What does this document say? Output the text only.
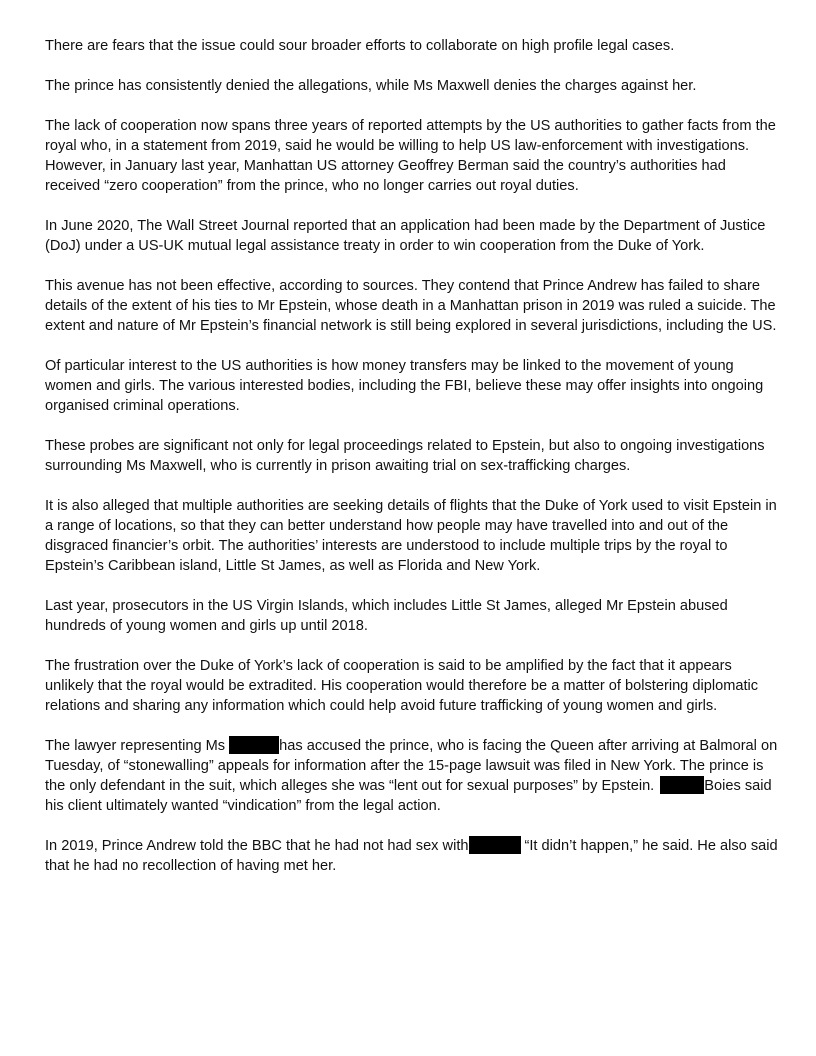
There are fears that the issue could sour broader efforts to collaborate on high profile legal cases.

The prince has consistently denied the allegations, while Ms Maxwell denies the charges against her.

The lack of cooperation now spans three years of reported attempts by the US authorities to gather facts from the royal who, in a statement from 2019, said he would be willing to help US law-enforcement with investigations. However, in January last year, Manhattan US attorney Geoffrey Berman said the country’s authorities had received “zero cooperation” from the prince, who no longer carries out royal duties.

In June 2020, The Wall Street Journal reported that an application had been made by the Department of Justice (DoJ) under a US-UK mutual legal assistance treaty in order to win cooperation from the Duke of York.

This avenue has not been effective, according to sources. They contend that Prince Andrew has failed to share details of the extent of his ties to Mr Epstein, whose death in a Manhattan prison in 2019 was ruled a suicide. The extent and nature of Mr Epstein’s financial network is still being explored in several jurisdictions, including the US.

Of particular interest to the US authorities is how money transfers may be linked to the movement of young women and girls. The various interested bodies, including the FBI, believe these may offer insights into ongoing organised criminal operations.

These probes are significant not only for legal proceedings related to Epstein, but also to ongoing investigations surrounding Ms Maxwell, who is currently in prison awaiting trial on sex-trafficking charges.

It is also alleged that multiple authorities are seeking details of flights that the Duke of York used to visit Epstein in a range of locations, so that they can better understand how people may have travelled into and out of the disgraced financier’s orbit. The authorities’ interests are understood to include multiple trips by the royal to Epstein’s Caribbean island, Little St James, as well as Florida and New York.

Last year, prosecutors in the US Virgin Islands, which includes Little St James, alleged Mr Epstein abused hundreds of young women and girls up until 2018.

The frustration over the Duke of York’s lack of cooperation is said to be amplified by the fact that it appears unlikely that the royal would be extradited. His cooperation would therefore be a matter of bolstering diplomatic relations and sharing any information which could help avoid future trafficking of young women and girls.

The lawyer representing Ms	has accused the prince, who is facing the Queen after arriving at Balmoral on Tuesday, of “stonewalling” appeals for information after the 15-page lawsuit was filed in New York. The prince is the only defendant in the suit, which alleges she was “lent out for sexual purposes” by Epstein.	Boies said his client ultimately wanted “vindication” from the legal action.

In 2019, Prince Andrew told the BBC that he had not had sex with	“It didn’t happen,” he said. He also said that he had no recollection of having met her.
